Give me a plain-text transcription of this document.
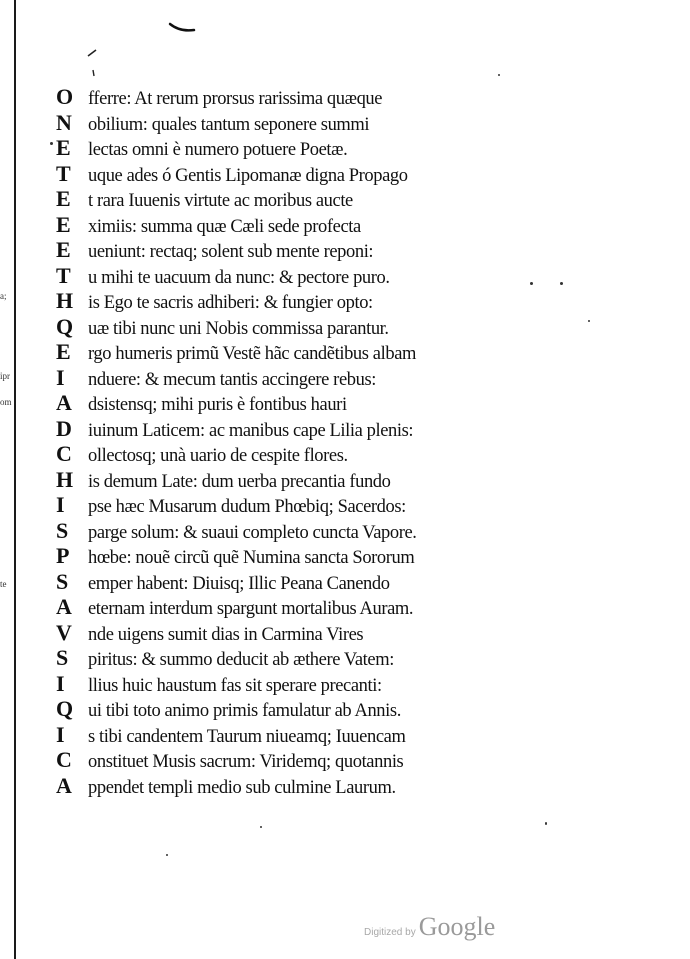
a;
ipr
om
te
O fferre: At rerum prorsus rarissima quæque
N obilium: quales tantum seponere summi
E lectas omni è numero potuere Poetæ.
T uque ades ó Gentis Lipomanæ digna Propago
E t rara Iuuenis virtute ac moribus aucte
E ximiis: summa quæ Cæli sede profecta
E ueniunt: rectaq; solent sub mente reponi:
T u mihi te uacuum da nunc: & pectore puro.
H is Ego te sacris adhiberi: & fungier opto:
Q uæ tibi nunc uni Nobis commissa parantur.
E rgo humeris primũ Vestẽ hãc candẽtibus albam
I	nduere: & mecum tantis accingere rebus:
A dsistensq; mihi puris è fontibus hauri
D iuinum Laticem: ac manibus cape Lilia plenis:
C ollectosq; unà uario de cespite flores.
H is demum Late: dum uerba precantia fundo
I	pse hæc Musarum dudum Phœbiq; Sacerdos:
S	parge solum: & suaui completo cuncta Vapore.
P	hœbe: nouẽ circũ quẽ Numina sancta Sororum
S	emper habent: Diuisq; Illic Peana Canendo
A eternam interdum spargunt mortalibus Auram.
V nde uigens sumit dias in Carmina Vires
S	piritus: & summo deducit ab æthere Vatem:
I	llius huic haustum fas sit sperare precanti:
Q ui tibi toto animo primis famulatur ab Annis.
I	s tibi candentem Taurum niueamq; Iuuencam
C onstituet Musis sacrum: Viridemq; quotannis
A ppendet templi medio sub culmine Laurum.
Digitized by Google
